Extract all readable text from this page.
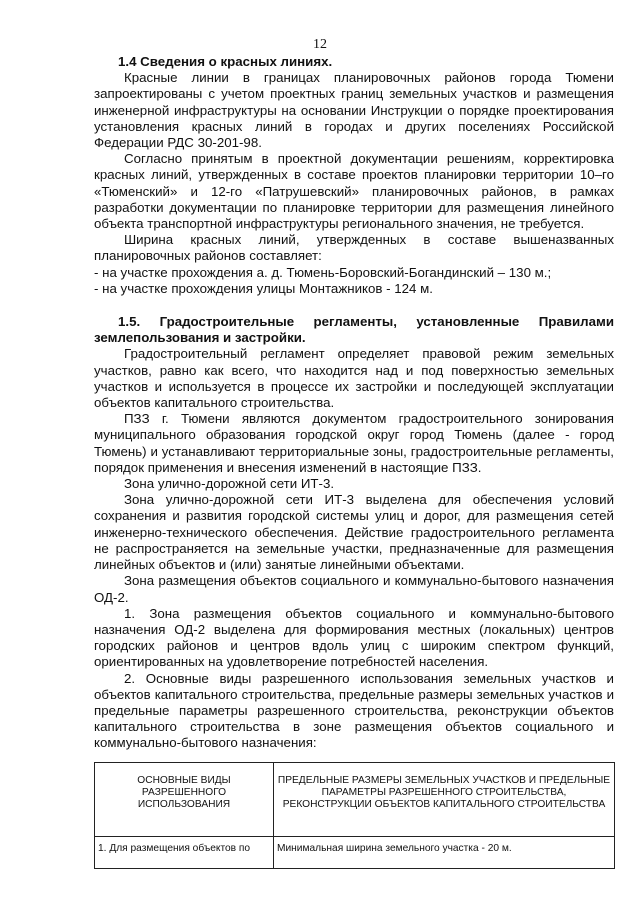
12

1.4 Сведения о красных линиях.

Красные линии в границах планировочных районов города Тюмени запроектированы с учетом проектных границ земельных участков и размещения инженерной инфраструктуры на основании Инструкции о порядке проектирования установления красных линий в городах и других поселениях Российской Федерации РДС 30-201-98.

Согласно принятым в проектной документации решениям, корректировка красных линий, утвержденных в составе проектов планировки территории 10–го «Тюменский» и 12-го «Патрушевский» планировочных районов, в рамках разработки документации по планировке территории для размещения линейного объекта транспортной инфраструктуры регионального значения, не требуется.

Ширина красных линий, утвержденных в составе вышеназванных планировочных районов составляет:

- на участке прохождения а. д. Тюмень-Боровский-Богандинский – 130 м.;

- на участке прохождения улицы Монтажников - 124 м.

1.5. Градостроительные регламенты, установленные Правилами землепользования и застройки.

Градостроительный регламент определяет правовой режим земельных участков, равно как всего, что находится над и под поверхностью земельных участков и используется в процессе их застройки и последующей эксплуатации объектов капитального строительства.

ПЗЗ г. Тюмени являются документом градостроительного зонирования муниципального образования городской округ город Тюмень (далее - город Тюмень) и устанавливают территориальные зоны, градостроительные регламенты, порядок применения и внесения изменений в настоящие ПЗЗ.

Зона улично-дорожной сети ИТ-3.

Зона улично-дорожной сети ИТ-3 выделена для обеспечения условий сохранения и развития городской системы улиц и дорог, для размещения сетей инженерно-технического обеспечения. Действие градостроительного регламента не распространяется на земельные участки, предназначенные для размещения линейных объектов и (или) занятые линейными объектами.

Зона размещения объектов социального и коммунально-бытового назначения ОД-2.

1. Зона размещения объектов социального и коммунально-бытового назначения ОД-2 выделена для формирования местных (локальных) центров городских районов и центров вдоль улиц с широким спектром функций, ориентированных на удовлетворение потребностей населения.

2. Основные виды разрешенного использования земельных участков и объектов капитального строительства, предельные размеры земельных участков и предельные параметры разрешенного строительства, реконструкции объектов капитального строительства в зоне размещения объектов социального и коммунально-бытового назначения:

ОСНОВНЫЕ ВИДЫ РАЗРЕШЕННОГО ИСПОЛЬЗОВАНИЯ	ПРЕДЕЛЬНЫЕ РАЗМЕРЫ ЗЕМЕЛЬНЫХ УЧАСТКОВ И ПРЕДЕЛЬНЫЕ ПАРАМЕТРЫ РАЗРЕШЕННОГО СТРОИТЕЛЬСТВА, РЕКОНСТРУКЦИИ ОБЪЕКТОВ КАПИТАЛЬНОГО СТРОИТЕЛЬСТВА
1. Для размещения объектов по	Минимальная ширина земельного участка - 20 м.
